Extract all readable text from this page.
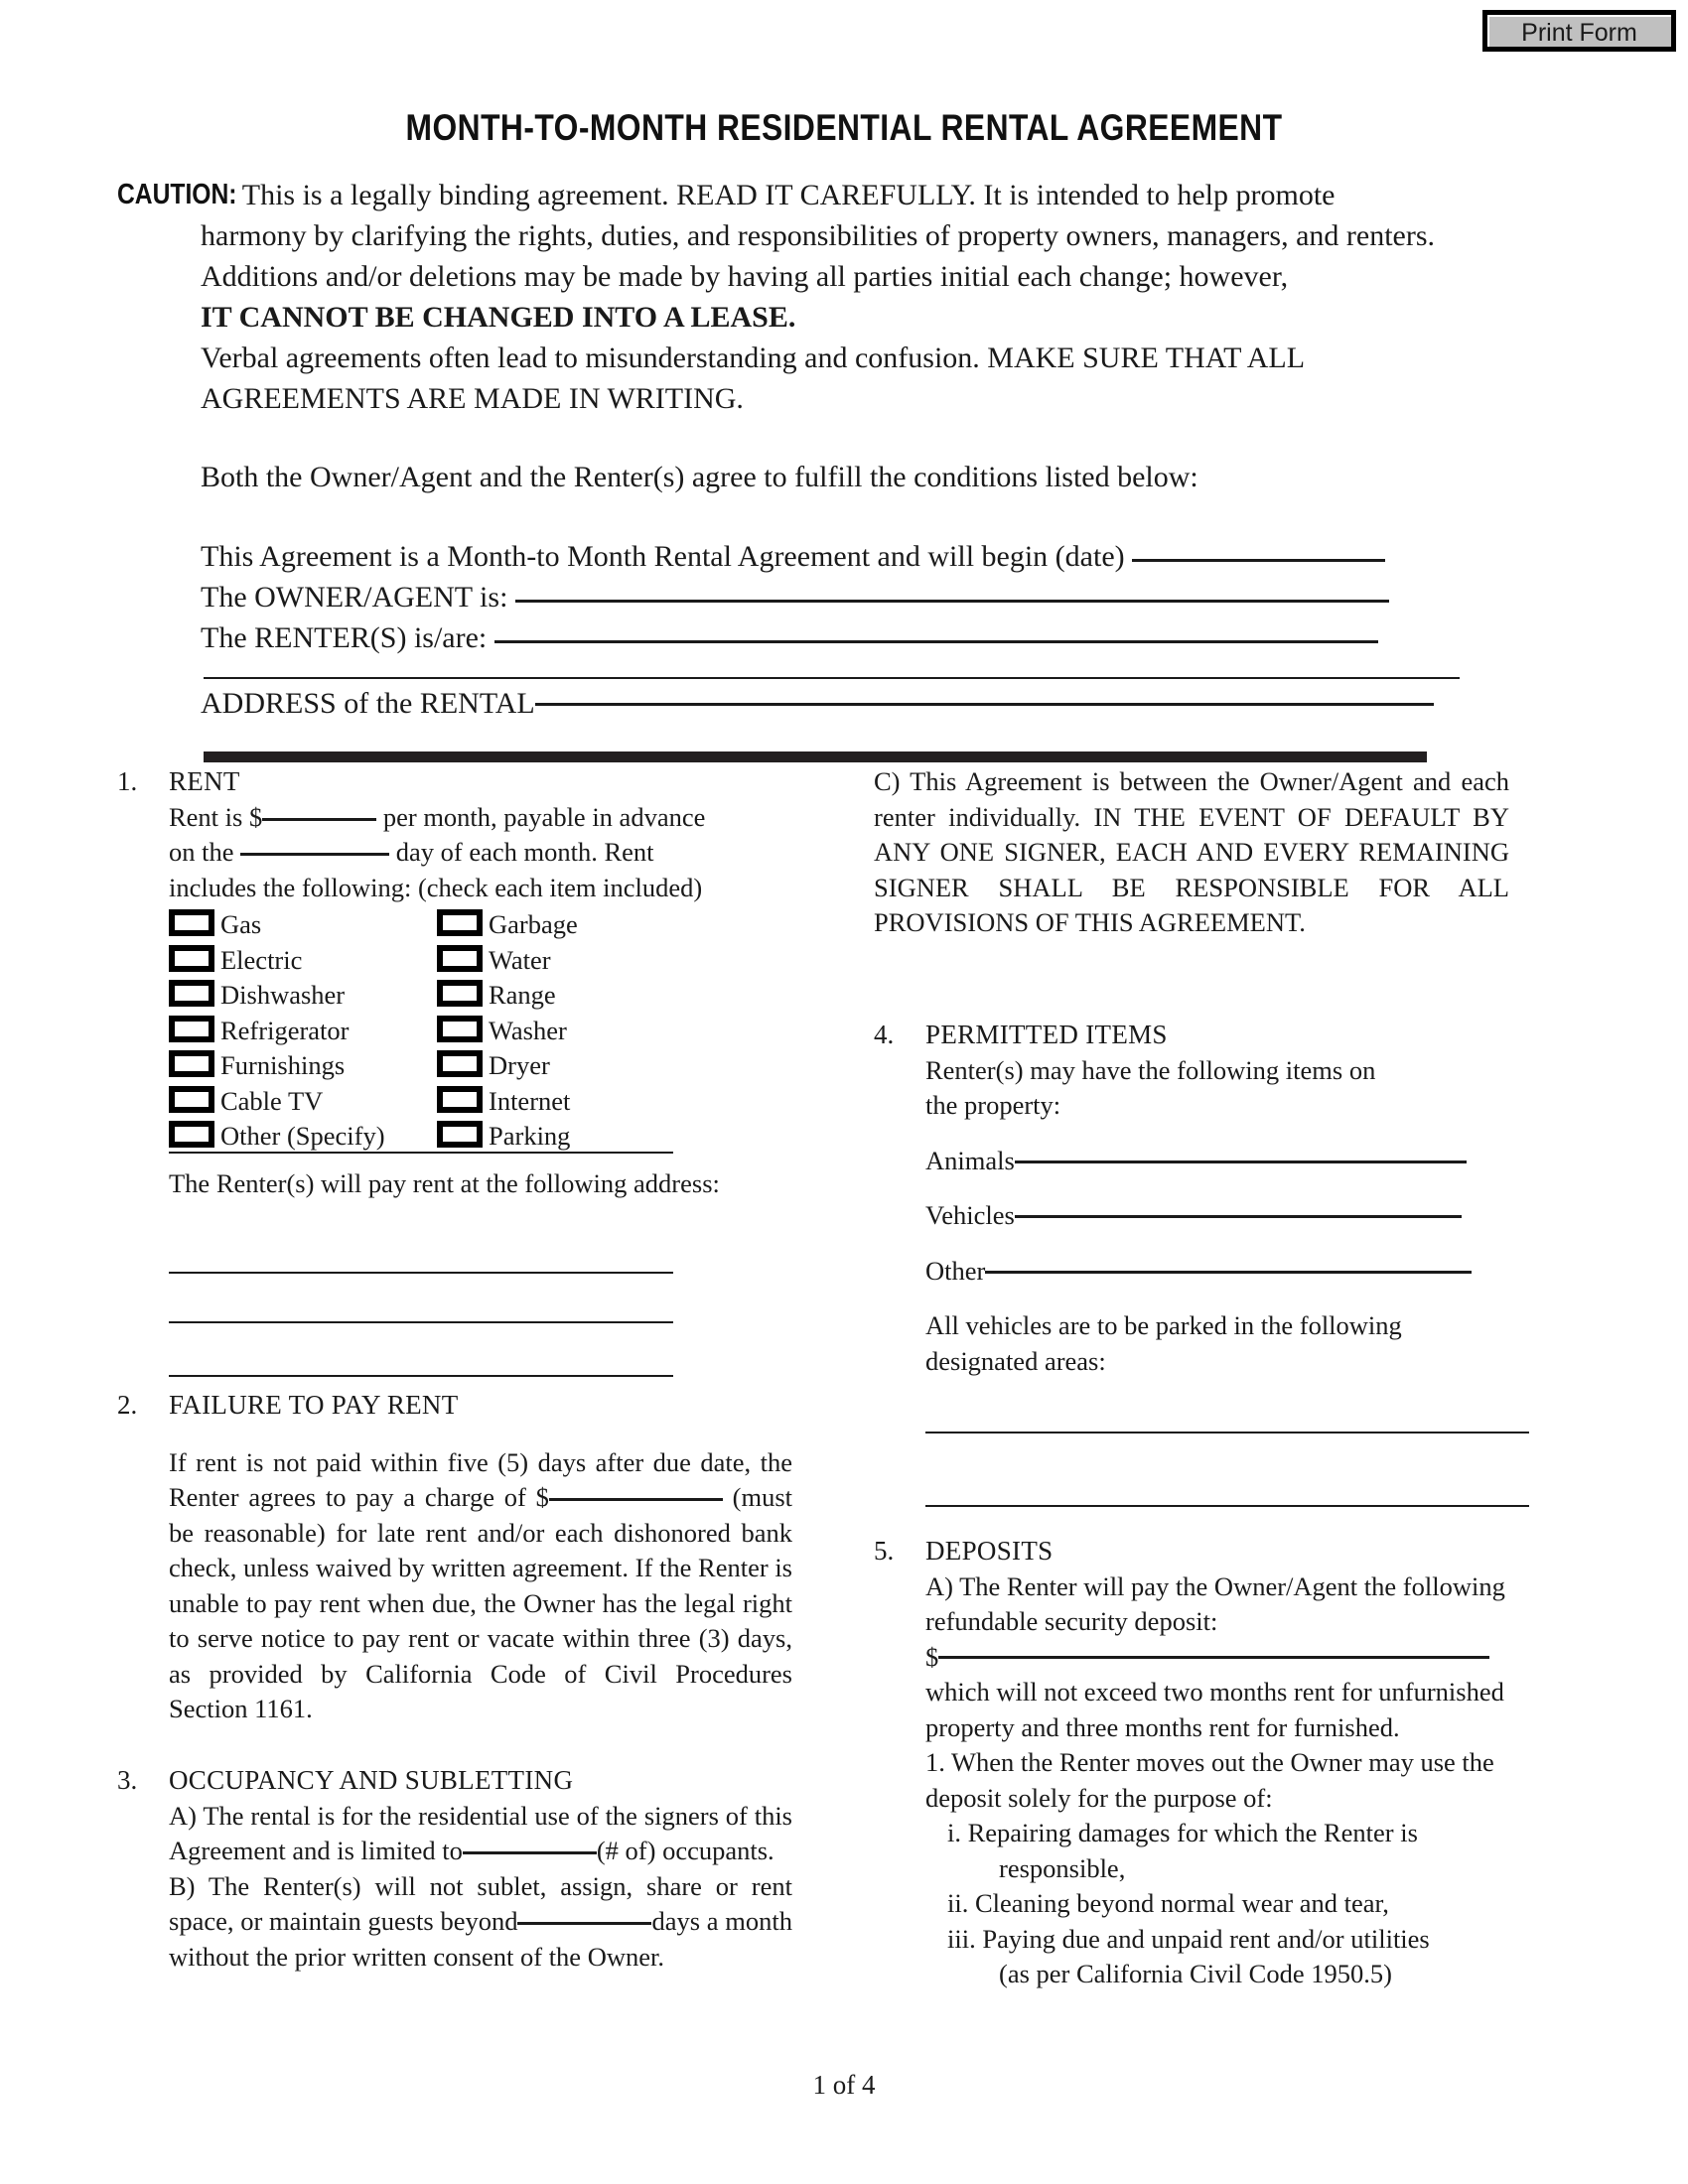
Print Form
MONTH-TO-MONTH RESIDENTIAL RENTAL AGREEMENT
CAUTION: This is a legally binding agreement. READ IT CAREFULLY. It is intended to help promote harmony by clarifying the rights, duties, and responsibilities of property owners, managers, and renters. Additions and/or deletions may be made by having all parties initial each change; however,
IT CANNOT BE CHANGED INTO A LEASE.
Verbal agreements often lead to misunderstanding and confusion. MAKE SURE THAT ALL AGREEMENTS ARE MADE IN WRITING.
Both the Owner/Agent and the Renter(s) agree to fulfill the conditions listed below:
This Agreement is a Month-to Month Rental Agreement and will begin (date)
The OWNER/AGENT is:
The RENTER(S) is/are:
ADDRESS of the RENTAL
1.	RENT
Rent is $	per month, payable in advance
on the	day of each month. Rent
includes the following: (check each item included)
Gas	Garbage
Electric	Water
Dishwasher	Range
Refrigerator	Washer
Furnishings	Dryer
Cable TV	Internet
Other (Specify)	Parking
The Renter(s) will pay rent at the following address:
2.	FAILURE TO PAY RENT
If rent is not paid within five (5) days after due date, the Renter agrees to pay a charge of $	(must be reasonable) for late rent and/or each dishonored bank check, unless waived by written agreement. If the Renter is unable to pay rent when due, the Owner has the legal right to serve notice to pay rent or vacate within three (3) days, as provided by California Code of Civil Procedures Section 1161.
3.	OCCUPANCY AND SUBLETTING
A) The rental is for the residential use of the signers of this Agreement and is limited to	(# of) occupants.
B) The Renter(s) will not sublet, assign, share or rent space, or maintain guests beyond	days a month without the prior written consent of the Owner.
C) This Agreement is between the Owner/Agent and each renter individually. IN THE EVENT OF DEFAULT BY ANY ONE SIGNER, EACH AND EVERY REMAINING SIGNER SHALL BE RESPONSIBLE FOR ALL PROVISIONS OF THIS AGREEMENT.
4.	PERMITTED ITEMS
Renter(s) may have the following items on the property:
Animals
Vehicles
Other
All vehicles are to be parked in the following designated areas:
5.	DEPOSITS
A) The Renter will pay the Owner/Agent the following refundable security deposit:
$
which will not exceed two months rent for unfurnished property and three months rent for furnished.
1. When the Renter moves out the Owner may use the deposit solely for the purpose of:
i. Repairing damages for which the Renter is
responsible,
ii. Cleaning beyond normal wear and tear,
iii. Paying due and unpaid rent and/or utilities
(as per California Civil Code 1950.5)
1 of 4
